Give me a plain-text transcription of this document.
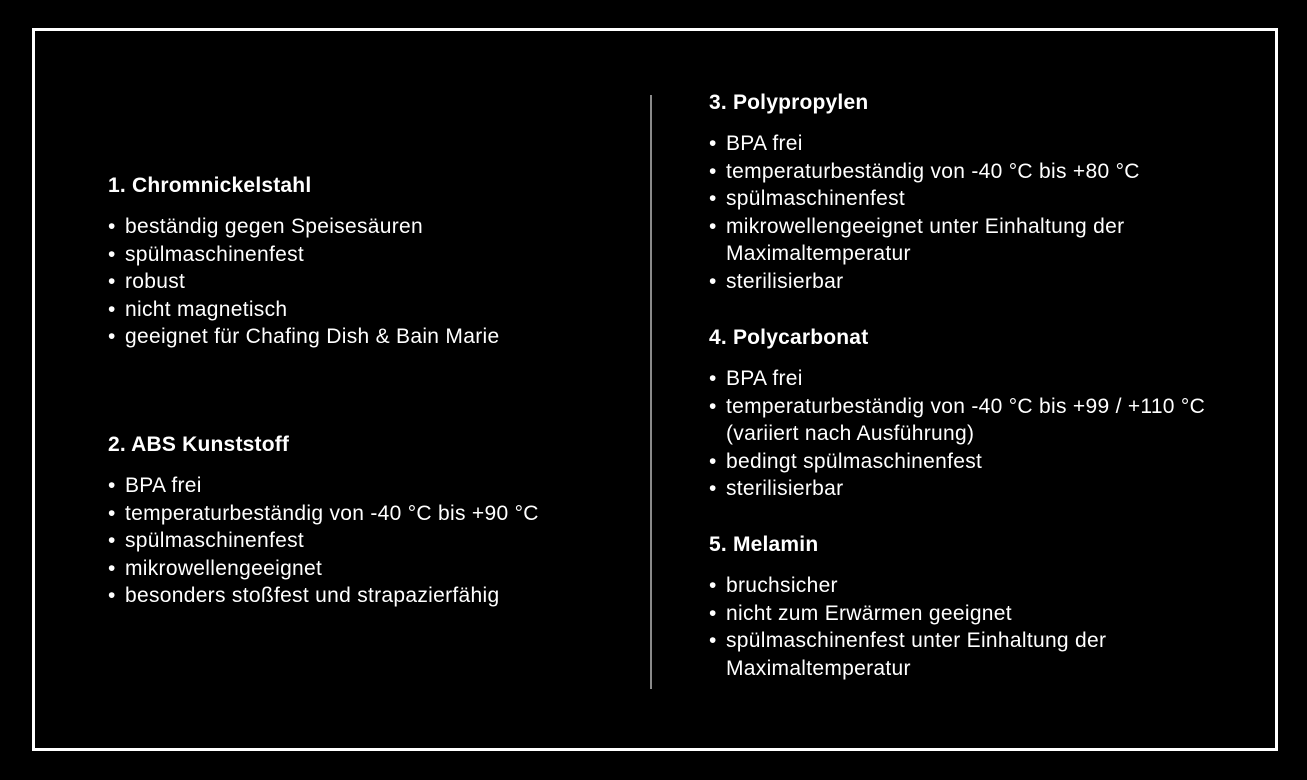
1. Chromnickelstahl
• beständig gegen Speisesäuren
• spülmaschinenfest
• robust
• nicht magnetisch
• geeignet für Chafing Dish & Bain Marie
2. ABS Kunststoff
• BPA frei
• temperaturbeständig von -40 °C bis +90 °C
• spülmaschinenfest
• mikrowellengeeignet
• besonders stoßfest und strapazierfähig
3. Polypropylen
• BPA frei
• temperaturbeständig von -40 °C bis +80 °C
• spülmaschinenfest
• mikrowellengeeignet unter Einhaltung der Maximaltemperatur
• sterilisierbar
4. Polycarbonat
• BPA frei
• temperaturbeständig von -40 °C bis +99 / +110 °C (variiert nach Ausführung)
• bedingt spülmaschinenfest
• sterilisierbar
5. Melamin
• bruchsicher
• nicht zum Erwärmen geeignet
• spülmaschinenfest unter Einhaltung der Maximaltemperatur
